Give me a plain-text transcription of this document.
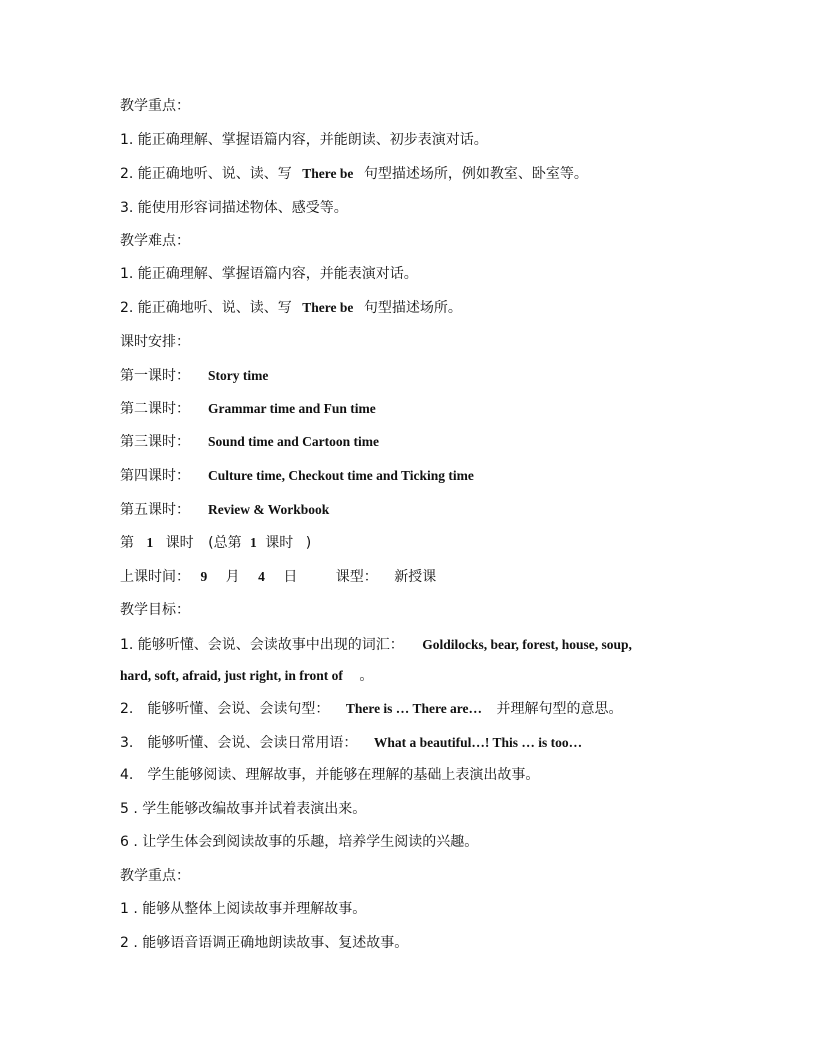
教学重点：
1. 能正确理解、掌握语篇内容，并能朗读、初步表演对话。
2. 能正确地听、说、读、写 There be 句型描述场所，例如教室、卧室等。
3. 能使用形容词描述物体、感受等。
教学难点：
1. 能正确理解、掌握语篇内容，并能表演对话。
2. 能正确地听、说、读、写 There be 句型描述场所。
课时安排：
第一课时： Story time
第二课时： Grammar time and Fun time
第三课时： Sound time and Cartoon time
第四课时： Culture time, Checkout time and Ticking time
第五课时： Review & Workbook
第 1 课时 (总第 1 课时 )
上课时间： 9 月 4 日	课型： 新授课
教学目标：
1. 能够听懂、会说、会读故事中出现的词汇： Goldilocks, bear, forest, house, soup,
hard, soft, afraid, just right, in front of 。
2.　能够听懂、会说、会读句型： There is … There are… 并理解句型的意思。
3.　能够听懂、会说、会读日常用语： What a beautiful…! This … is too…
4.　学生能够阅读、理解故事，并能够在理解的基础上表演出故事。
5 . 学生能够改编故事并试着表演出来。
6 . 让学生体会到阅读故事的乐趣，培养学生阅读的兴趣。
教学重点：
1 . 能够从整体上阅读故事并理解故事。
2 . 能够语音语调正确地朗读故事、复述故事。
